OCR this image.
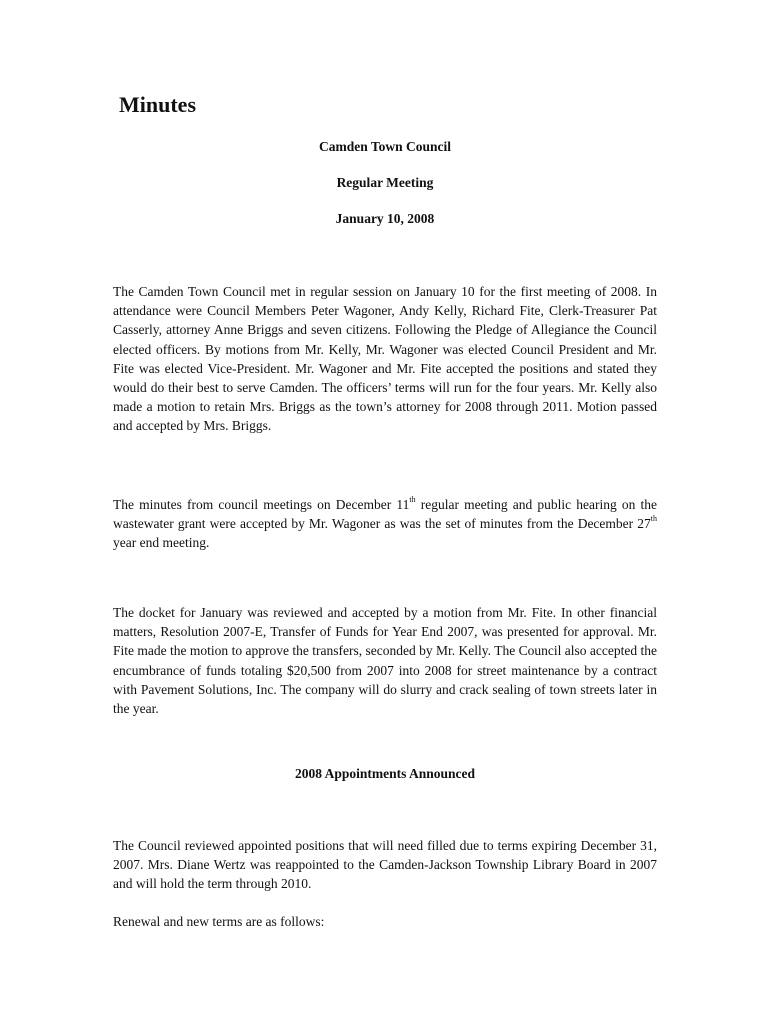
Minutes

Camden Town Council

Regular Meeting

January 10, 2008

The Camden Town Council met in regular session on January 10 for the first meeting of 2008. In attendance were Council Members Peter Wagoner, Andy Kelly, Richard Fite, Clerk-Treasurer Pat Casserly, attorney Anne Briggs and seven citizens. Following the Pledge of Allegiance the Council elected officers. By motions from Mr. Kelly, Mr. Wagoner was elected Council President and Mr. Fite was elected Vice-President. Mr. Wagoner and Mr. Fite accepted the positions and stated they would do their best to serve Camden. The officers’ terms will run for the four years. Mr. Kelly also made a motion to retain Mrs. Briggs as the town’s attorney for 2008 through 2011. Motion passed and accepted by Mrs. Briggs.

The minutes from council meetings on December 11th regular meeting and public hearing on the wastewater grant were accepted by Mr. Wagoner as was the set of minutes from the December 27th year end meeting.

The docket for January was reviewed and accepted by a motion from Mr. Fite. In other financial matters, Resolution 2007-E, Transfer of Funds for Year End 2007, was presented for approval. Mr. Fite made the motion to approve the transfers, seconded by Mr. Kelly. The Council also accepted the encumbrance of funds totaling $20,500 from 2007 into 2008 for street maintenance by a contract with Pavement Solutions, Inc. The company will do slurry and crack sealing of town streets later in the year.

2008 Appointments Announced

The Council reviewed appointed positions that will need filled due to terms expiring December 31, 2007. Mrs. Diane Wertz was reappointed to the Camden-Jackson Township Library Board in 2007 and will hold the term through 2010.

Renewal and new terms are as follows:
